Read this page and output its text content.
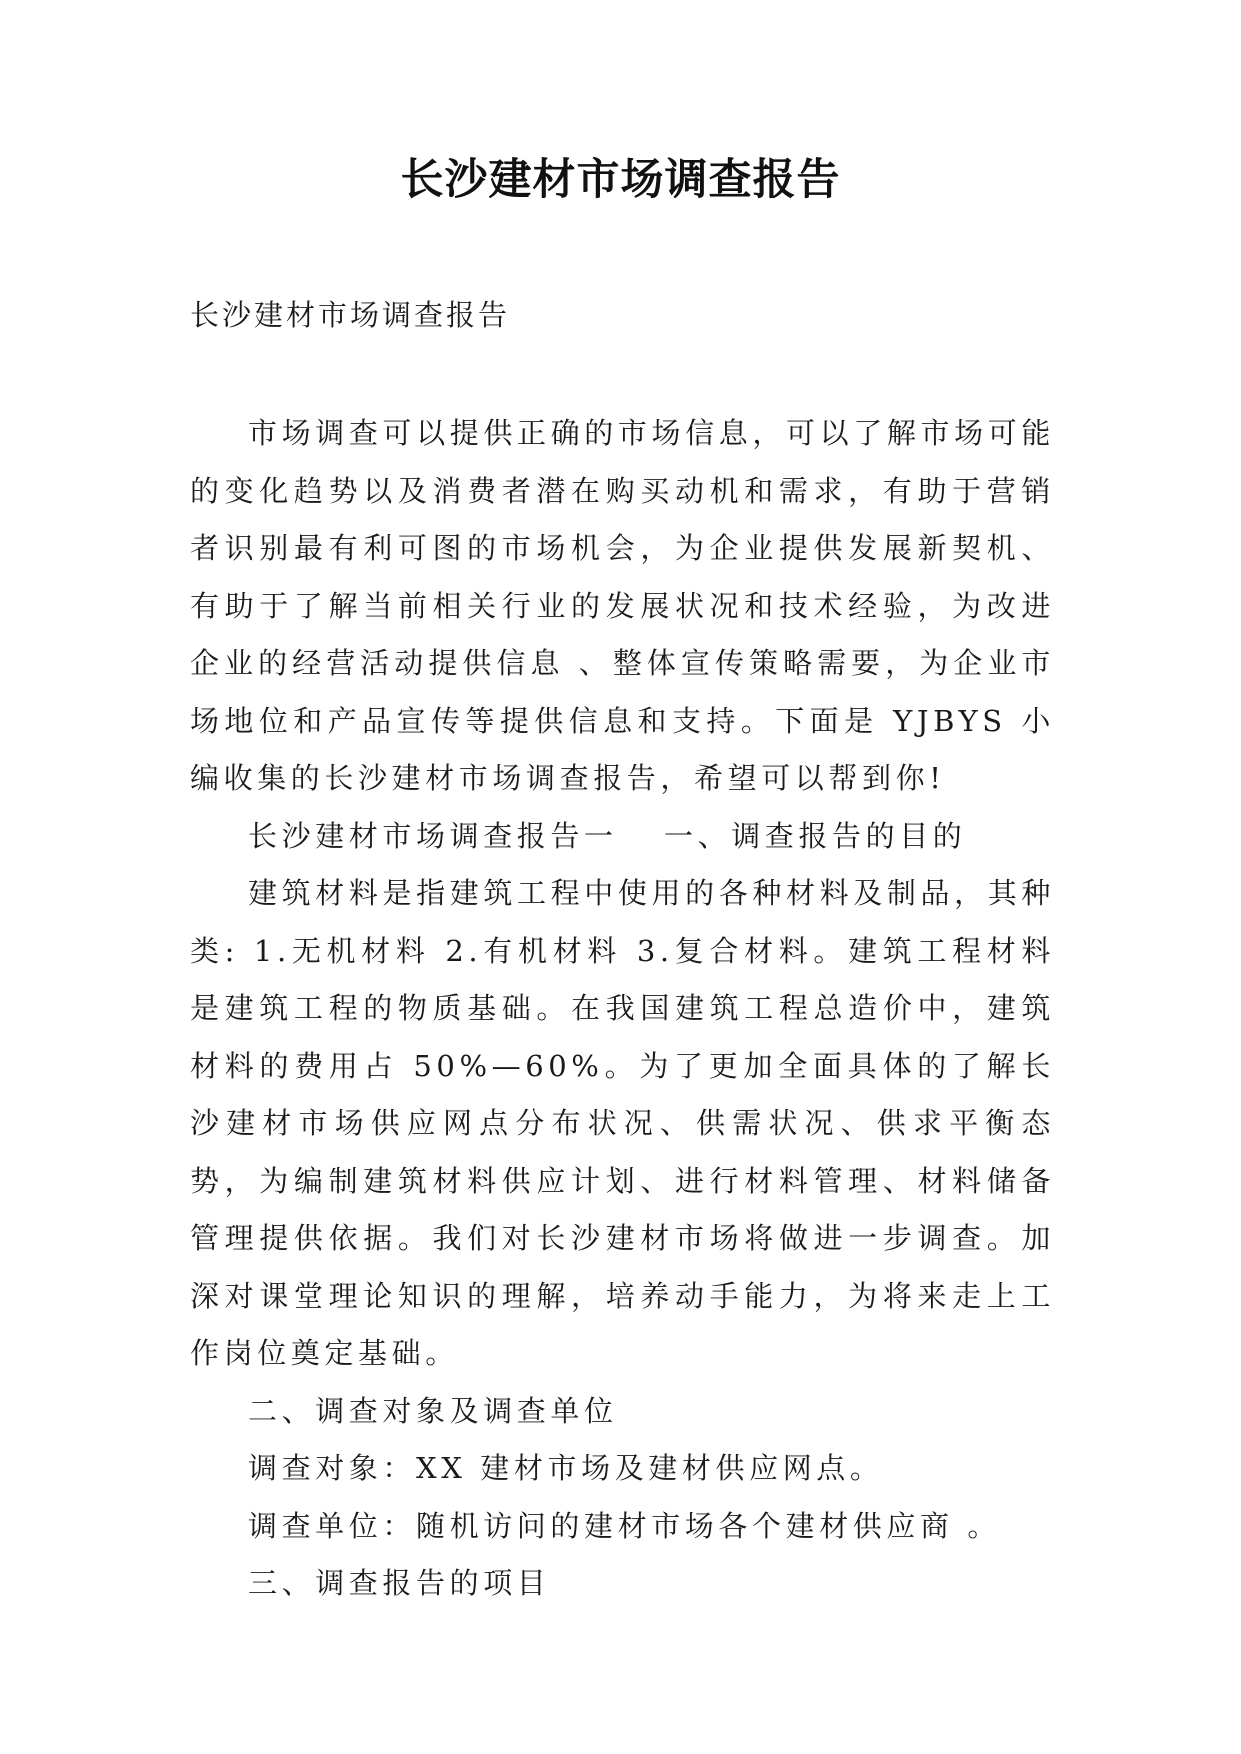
长沙建材市场调查报告

长沙建材市场调查报告

市场调查可以提供正确的市场信息，可以了解市场可能的变化趋势以及消费者潜在购买动机和需求，有助于营销者识别最有利可图的市场机会，为企业提供发展新契机、有助于了解当前相关行业的发展状况和技术经验，为改进企业的经营活动提供信息 、整体宣传策略需要，为企业市场地位和产品宣传等提供信息和支持。下面是 YJBYS 小编收集的长沙建材市场调查报告，希望可以帮到你!

长沙建材市场调查报告一 一、调查报告的目的

建筑材料是指建筑工程中使用的各种材料及制品，其种类: 1.无机材料 2.有机材料 3.复合材料。建筑工程材料是建筑工程的物质基础。在我国建筑工程总造价中，建筑材料的费用占 50%—60%。为了更加全面具体的了解长沙建材市场供应网点分布状况、供需状况、供求平衡态势，为编制建筑材料供应计划、进行材料管理、材料储备管理提供依据。我们对长沙建材市场将做进一步调查。加深对课堂理论知识的理解，培养动手能力，为将来走上工作岗位奠定基础。

二、调查对象及调查单位

调查对象：XX 建材市场及建材供应网点。

调查单位：随机访问的建材市场各个建材供应商 。

三、调查报告的项目
